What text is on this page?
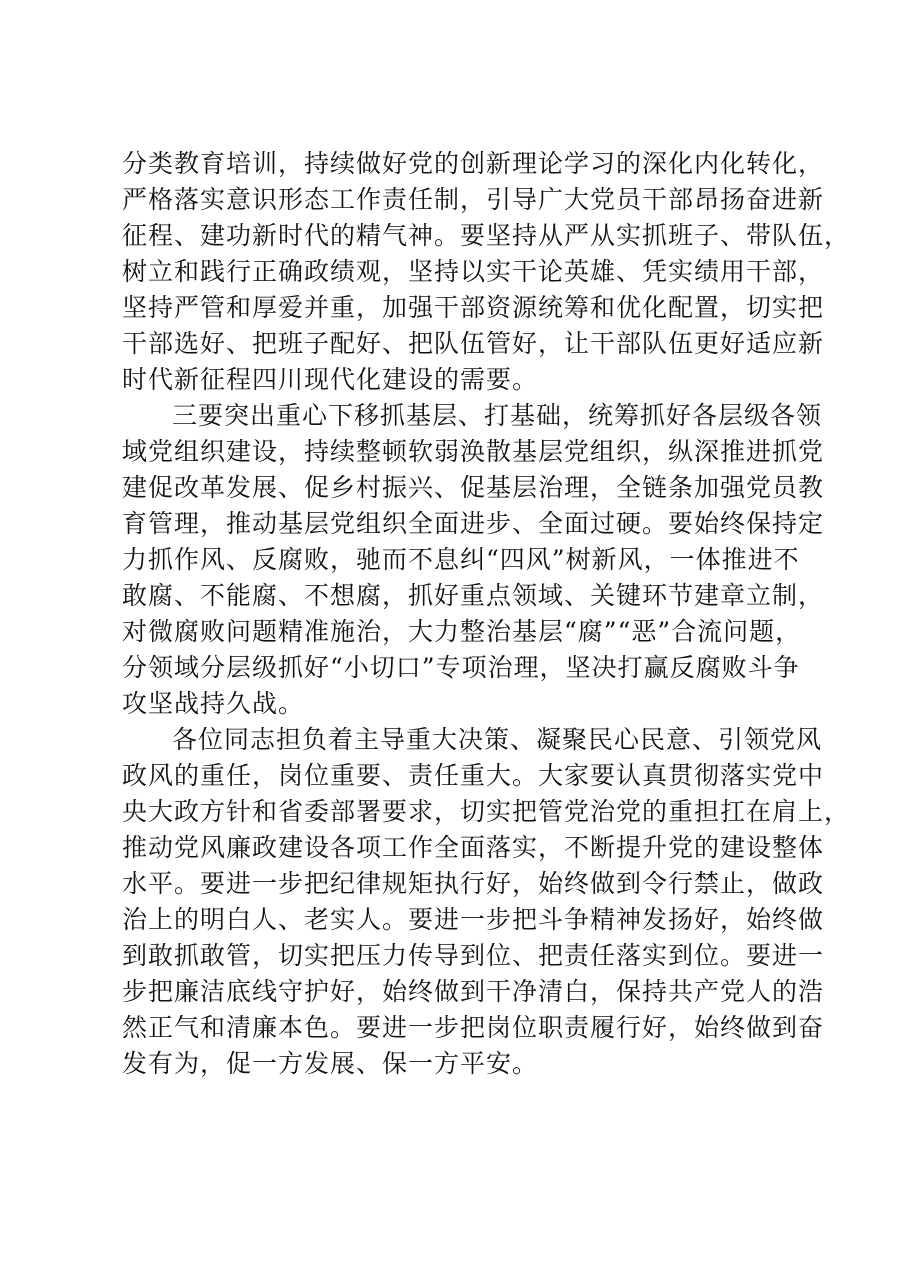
分类教育培训，持续做好党的创新理论学习的深化内化转化，
严格落实意识形态工作责任制，引导广大党员干部昂扬奋进新
征程、建功新时代的精气神。要坚持从严从实抓班子、带队伍，
树立和践行正确政绩观，坚持以实干论英雄、凭实绩用干部，
坚持严管和厚爱并重，加强干部资源统筹和优化配置，切实把
干部选好、把班子配好、把队伍管好，让干部队伍更好适应新
时代新征程四川现代化建设的需要。
三要突出重心下移抓基层、打基础，统筹抓好各层级各领
域党组织建设，持续整顿软弱涣散基层党组织，纵深推进抓党
建促改革发展、促乡村振兴、促基层治理，全链条加强党员教
育管理，推动基层党组织全面进步、全面过硬。要始终保持定
力抓作风、反腐败，驰而不息纠“四风”树新风，一体推进不
敢腐、不能腐、不想腐，抓好重点领域、关键环节建章立制，
对微腐败问题精准施治，大力整治基层“腐”“恶”合流问题，
分领域分层级抓好“小切口”专项治理，坚决打赢反腐败斗争
攻坚战持久战。
各位同志担负着主导重大决策、凝聚民心民意、引领党风
政风的重任，岗位重要、责任重大。大家要认真贯彻落实党中
央大政方针和省委部署要求，切实把管党治党的重担扛在肩上，
推动党风廉政建设各项工作全面落实，不断提升党的建设整体
水平。要进一步把纪律规矩执行好，始终做到令行禁止，做政
治上的明白人、老实人。要进一步把斗争精神发扬好，始终做
到敢抓敢管，切实把压力传导到位、把责任落实到位。要进一
步把廉洁底线守护好，始终做到干净清白，保持共产党人的浩
然正气和清廉本色。要进一步把岗位职责履行好，始终做到奋
发有为，促一方发展、保一方平安。
